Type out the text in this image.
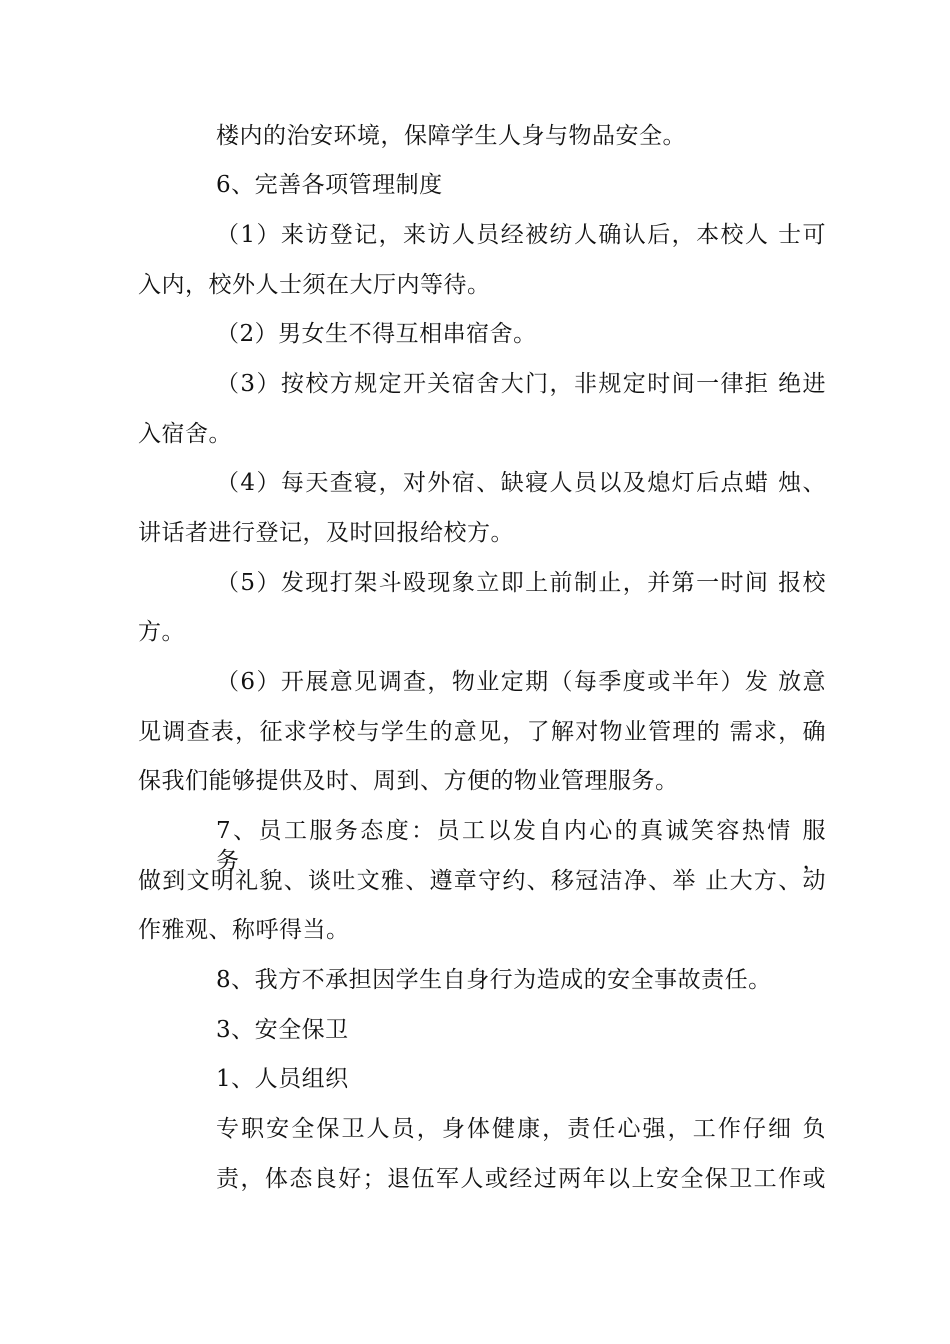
楼内的治安环境，保障学生人身与物品安全。
6、完善各项管理制度
（1）来访登记，来访人员经被纺人确认后，本校人 士可
入内，校外人士须在大厅内等待。
（2）男女生不得互相串宿舍。
（3）按校方规定开关宿舍大门，非规定时间一律拒 绝进
入宿舍。
（4）每天查寝，对外宿、缺寝人员以及熄灯后点蜡 烛、
讲话者进行登记，及时回报给校方。
（5）发现打架斗殴现象立即上前制止，并第一时间 报校
方。
（6）开展意见调查，物业定期（每季度或半年）发 放意
见调查表，征求学校与学生的意见，了解对物业管理的 需求，确
保我们能够提供及时、周到、方便的物业管理服务。
7、员工服务态度：员工以发自内心的真诚笑容热情 服务，
做到文明礼貌、谈吐文雅、遵章守约、移冠洁净、举 止大方、动
作雅观、称呼得当。
8、我方不承担因学生自身行为造成的安全事故责任。
3、安全保卫
1、人员组织
专职安全保卫人员，身体健康，责任心强，工作仔细 负
责，体态良好；退伍军人或经过两年以上安全保卫工作或
